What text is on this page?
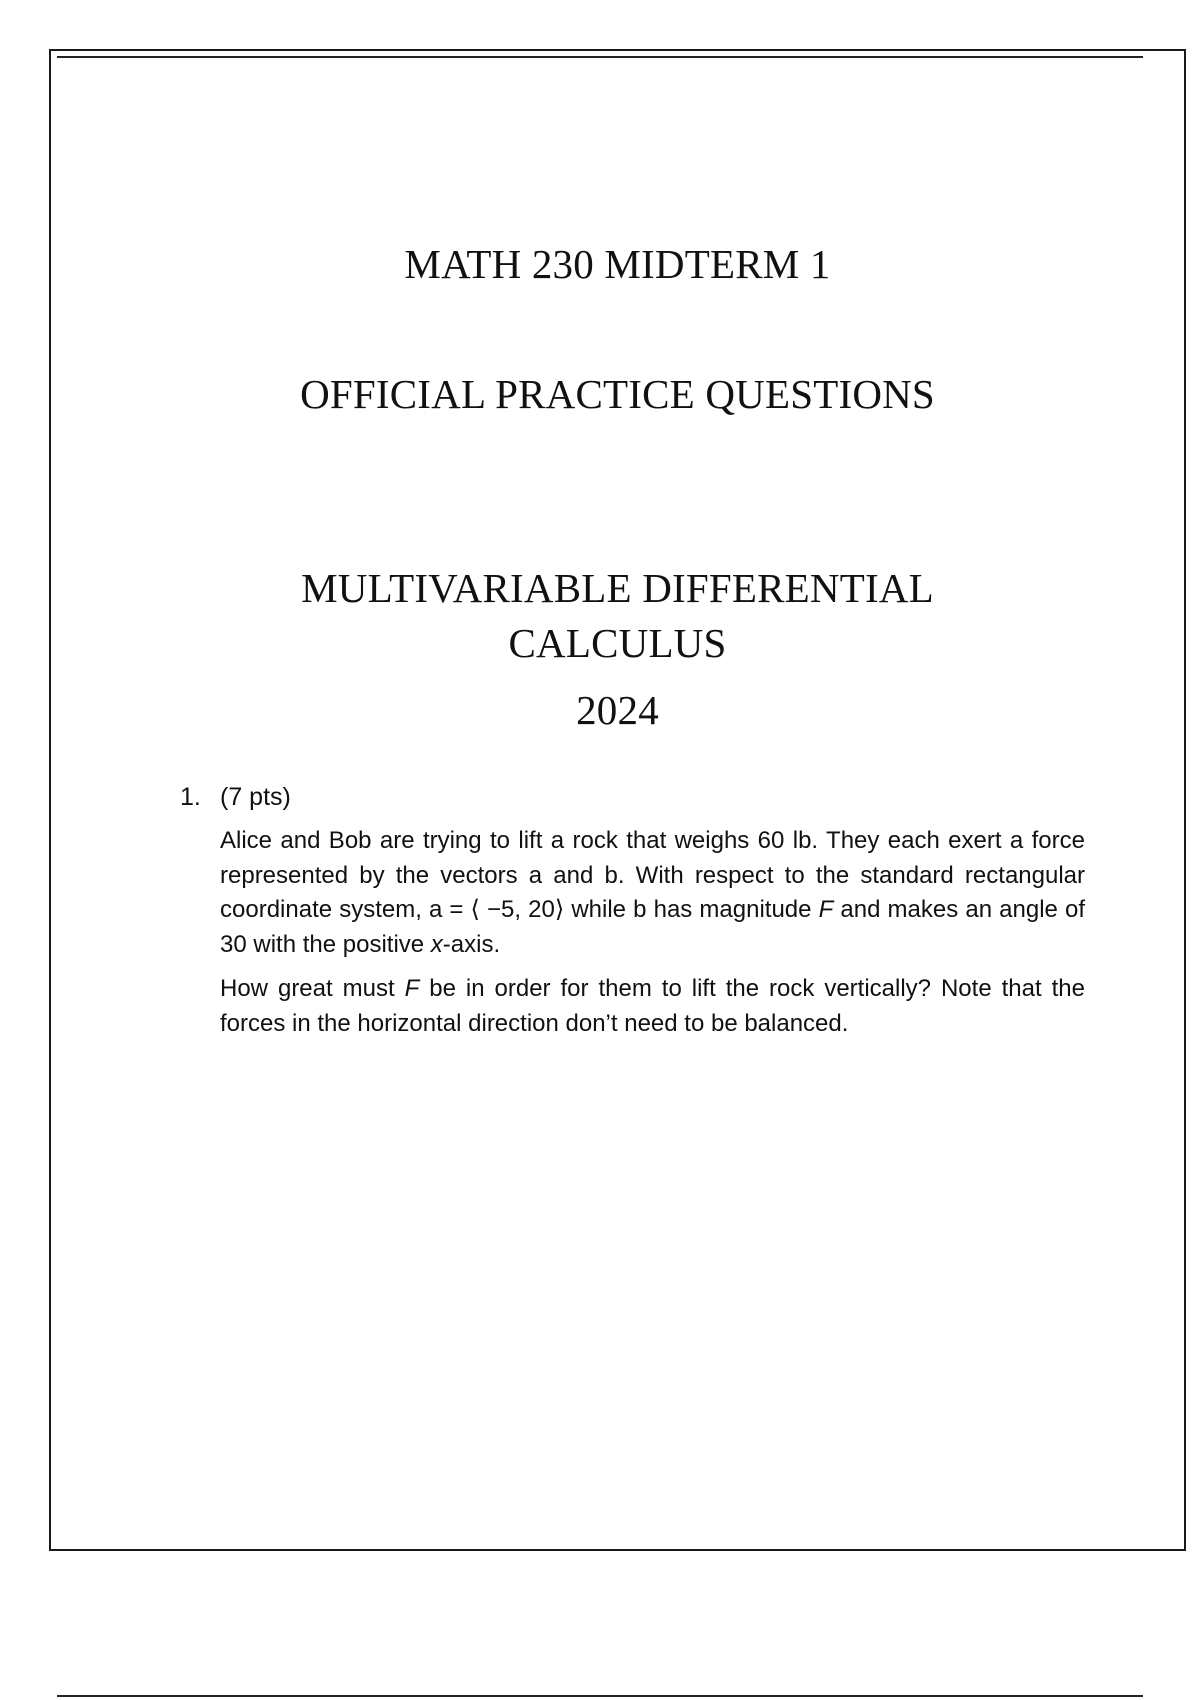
MATH 230 MIDTERM 1
OFFICIAL PRACTICE QUESTIONS
MULTIVARIABLE DIFFERENTIAL
CALCULUS
2024
1. (7 pts)

Alice and Bob are trying to lift a rock that weighs 60 lb. They each exert a force represented by the vectors a and b. With respect to the standard rectangular coordinate system, a = ⟨ −5, 20⟩ while b has magnitude F and makes an angle of 30 with the positive x-axis.

How great must F be in order for them to lift the rock vertically? Note that the forces in the horizontal direction don’t need to be balanced.
